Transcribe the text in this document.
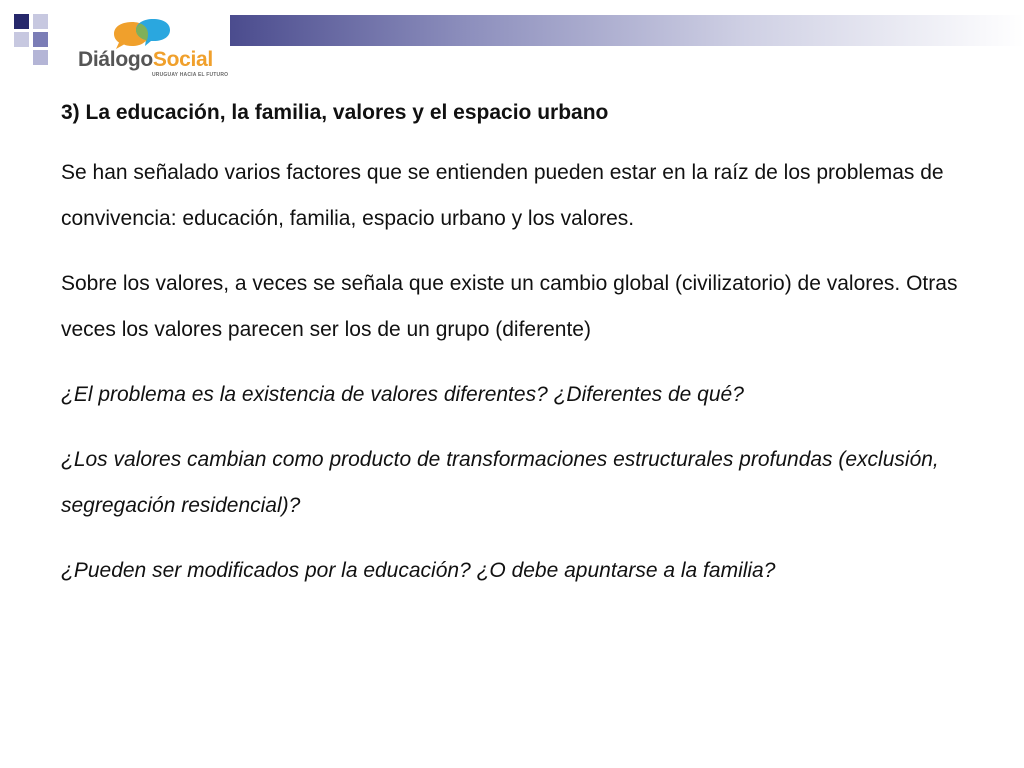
DiálogoSocial
URUGUAY HACIA EL FUTURO

3) La educación, la familia, valores y el espacio urbano

Se han señalado varios factores que se entienden pueden estar en la raíz de los problemas de convivencia: educación, familia, espacio urbano y los valores.

Sobre los valores, a veces se señala que existe un cambio global (civilizatorio) de valores. Otras veces los valores parecen ser los de un grupo (diferente)

¿El problema es la existencia de valores diferentes? ¿Diferentes de qué?

¿Los valores cambian como producto de transformaciones estructurales profundas (exclusión, segregación residencial)?

¿Pueden ser modificados por la educación? ¿O debe apuntarse a la familia?
